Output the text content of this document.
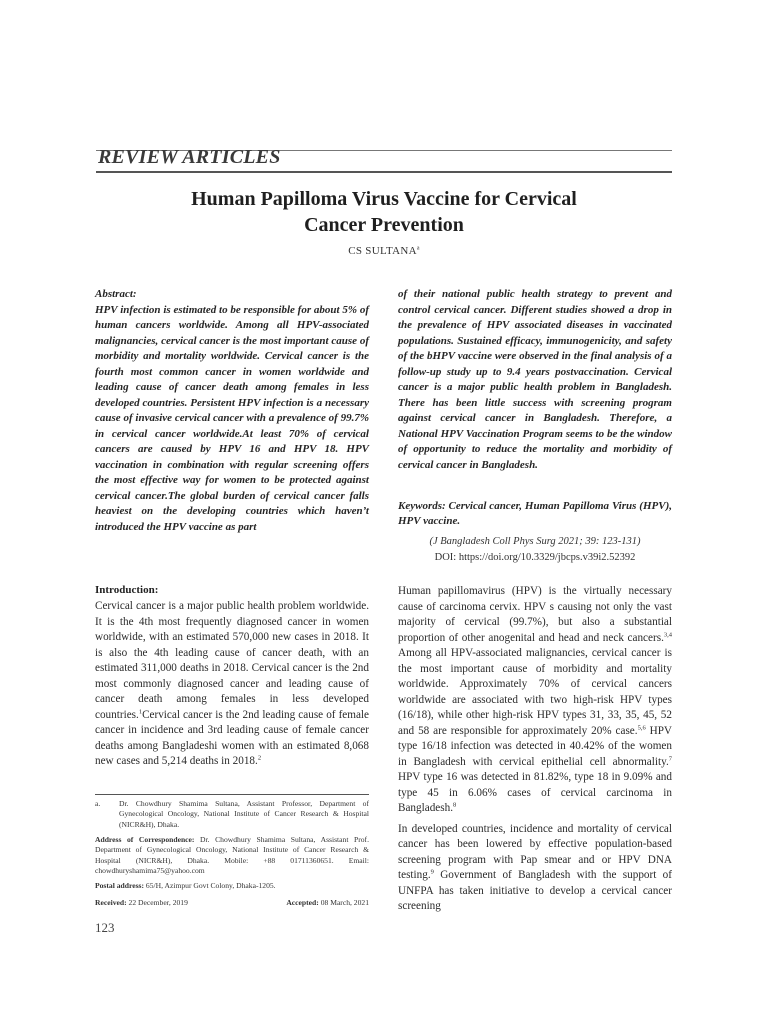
REVIEW ARTICLES
Human Papilloma Virus Vaccine for Cervical
Cancer Prevention
CS SULTANA$^a$
Abstract:
HPV infection is estimated to be responsible for about 5% of human cancers worldwide. Among all HPV-associated malignancies, cervical cancer is the most important cause of morbidity and mortality worldwide. Cervical cancer is the fourth most common cancer in women worldwide and leading cause of cancer death among females in less developed countries. Persistent HPV infection is a necessary cause of invasive cervical cancer with a prevalence of 99.7% in cervical cancer worldwide.At least 70% of cervical cancers are caused by HPV 16 and HPV 18. HPV vaccination in combination with regular screening offers the most effective way for women to be protected against cervical cancer.The global burden of cervical cancer falls heaviest on the developing countries which haven’t introduced the HPV vaccine as part
of their national public health strategy to prevent and control cervical cancer. Different studies showed a drop in the prevalence of HPV associated diseases in vaccinated populations. Sustained efficacy, immunogenicity, and safety of the bHPV vaccine were observed in the final analysis of a follow-up study up to 9.4 years postvaccination. Cervical cancer is a major public health problem in Bangladesh. There has been little success with screening program against cervical cancer in Bangladesh. Therefore, a National HPV Vaccination Program seems to be the window of opportunity to reduce the mortality and morbidity of cervical cancer in Bangladesh.
Keywords: Cervical cancer, Human Papilloma Virus (HPV), HPV vaccine.
(J Bangladesh Coll Phys Surg 2021; 39: 123-131)
DOI: https://doi.org/10.3329/jbcps.v39i2.52392
Introduction:
Cervical cancer is a major public health problem worldwide. It is the 4th most frequently diagnosed cancer in women worldwide, with an estimated 570,000 new cases in 2018. It is also the 4th leading cause of cancer death, with an estimated 311,000 deaths in 2018. Cervical cancer is the 2nd most commonly diagnosed cancer and leading cause of cancer death among females in less developed countries.$^1$Cervical cancer is the 2nd leading cause of female cancer in incidence and 3rd leading cause of female cancer deaths among Bangladeshi women with an estimated 8,068 new cases and 5,214 deaths in 2018.$^2$

Human papillomavirus (HPV) is the virtually necessary cause of carcinoma cervix. HPV s causing not only the vast majority of cervical (99.7%), but also a substantial proportion of other anogenital and head and neck cancers.$^{3,4}$ Among all HPV-associated malignancies, cervical cancer is the most important cause of morbidity and mortality worldwide. Approximately 70% of cervical cancers worldwide are associated with two high-risk HPV types (16/18), while other high-risk HPV types 31, 33, 35, 45, 52 and 58 are responsible for approximately 20% case.$^{5,6}$ HPV type 16/18 infection was detected in 40.42% of the women in Bangladesh with cervical epithelial cell abnormality.$^7$ HPV type 16 was detected in 81.82%, type 18 in 9.09% and type 45 in 6.06% cases of cervical carcinoma in Bangladesh.$^8$

In developed countries, incidence and mortality of cervical cancer has been lowered by effective population-based screening program with Pap smear and or HPV DNA testing.$^9$ Government of Bangladesh with the support of UNFPA has taken initiative to develop a cervical cancer screening

a. Dr. Chowdhury Shamima Sultana, Assistant Professor, Department of Gynecological Oncology, National Institute of Cancer Research & Hospital (NICR&H), Dhaka.
Address of Correspondence: Dr. Chowdhury Shamima Sultana, Assistant Prof. Department of Gynecological Oncology, National Institute of Cancer Research & Hospital (NICR&H), Dhaka. Mobile: +88 01711360651. Email: chowdhuryshamima75@yahoo.com
Postal address: 65/H, Azimpur Govt Colony, Dhaka-1205.
Received: 22 December, 2019	Accepted: 08 March, 2021
123
